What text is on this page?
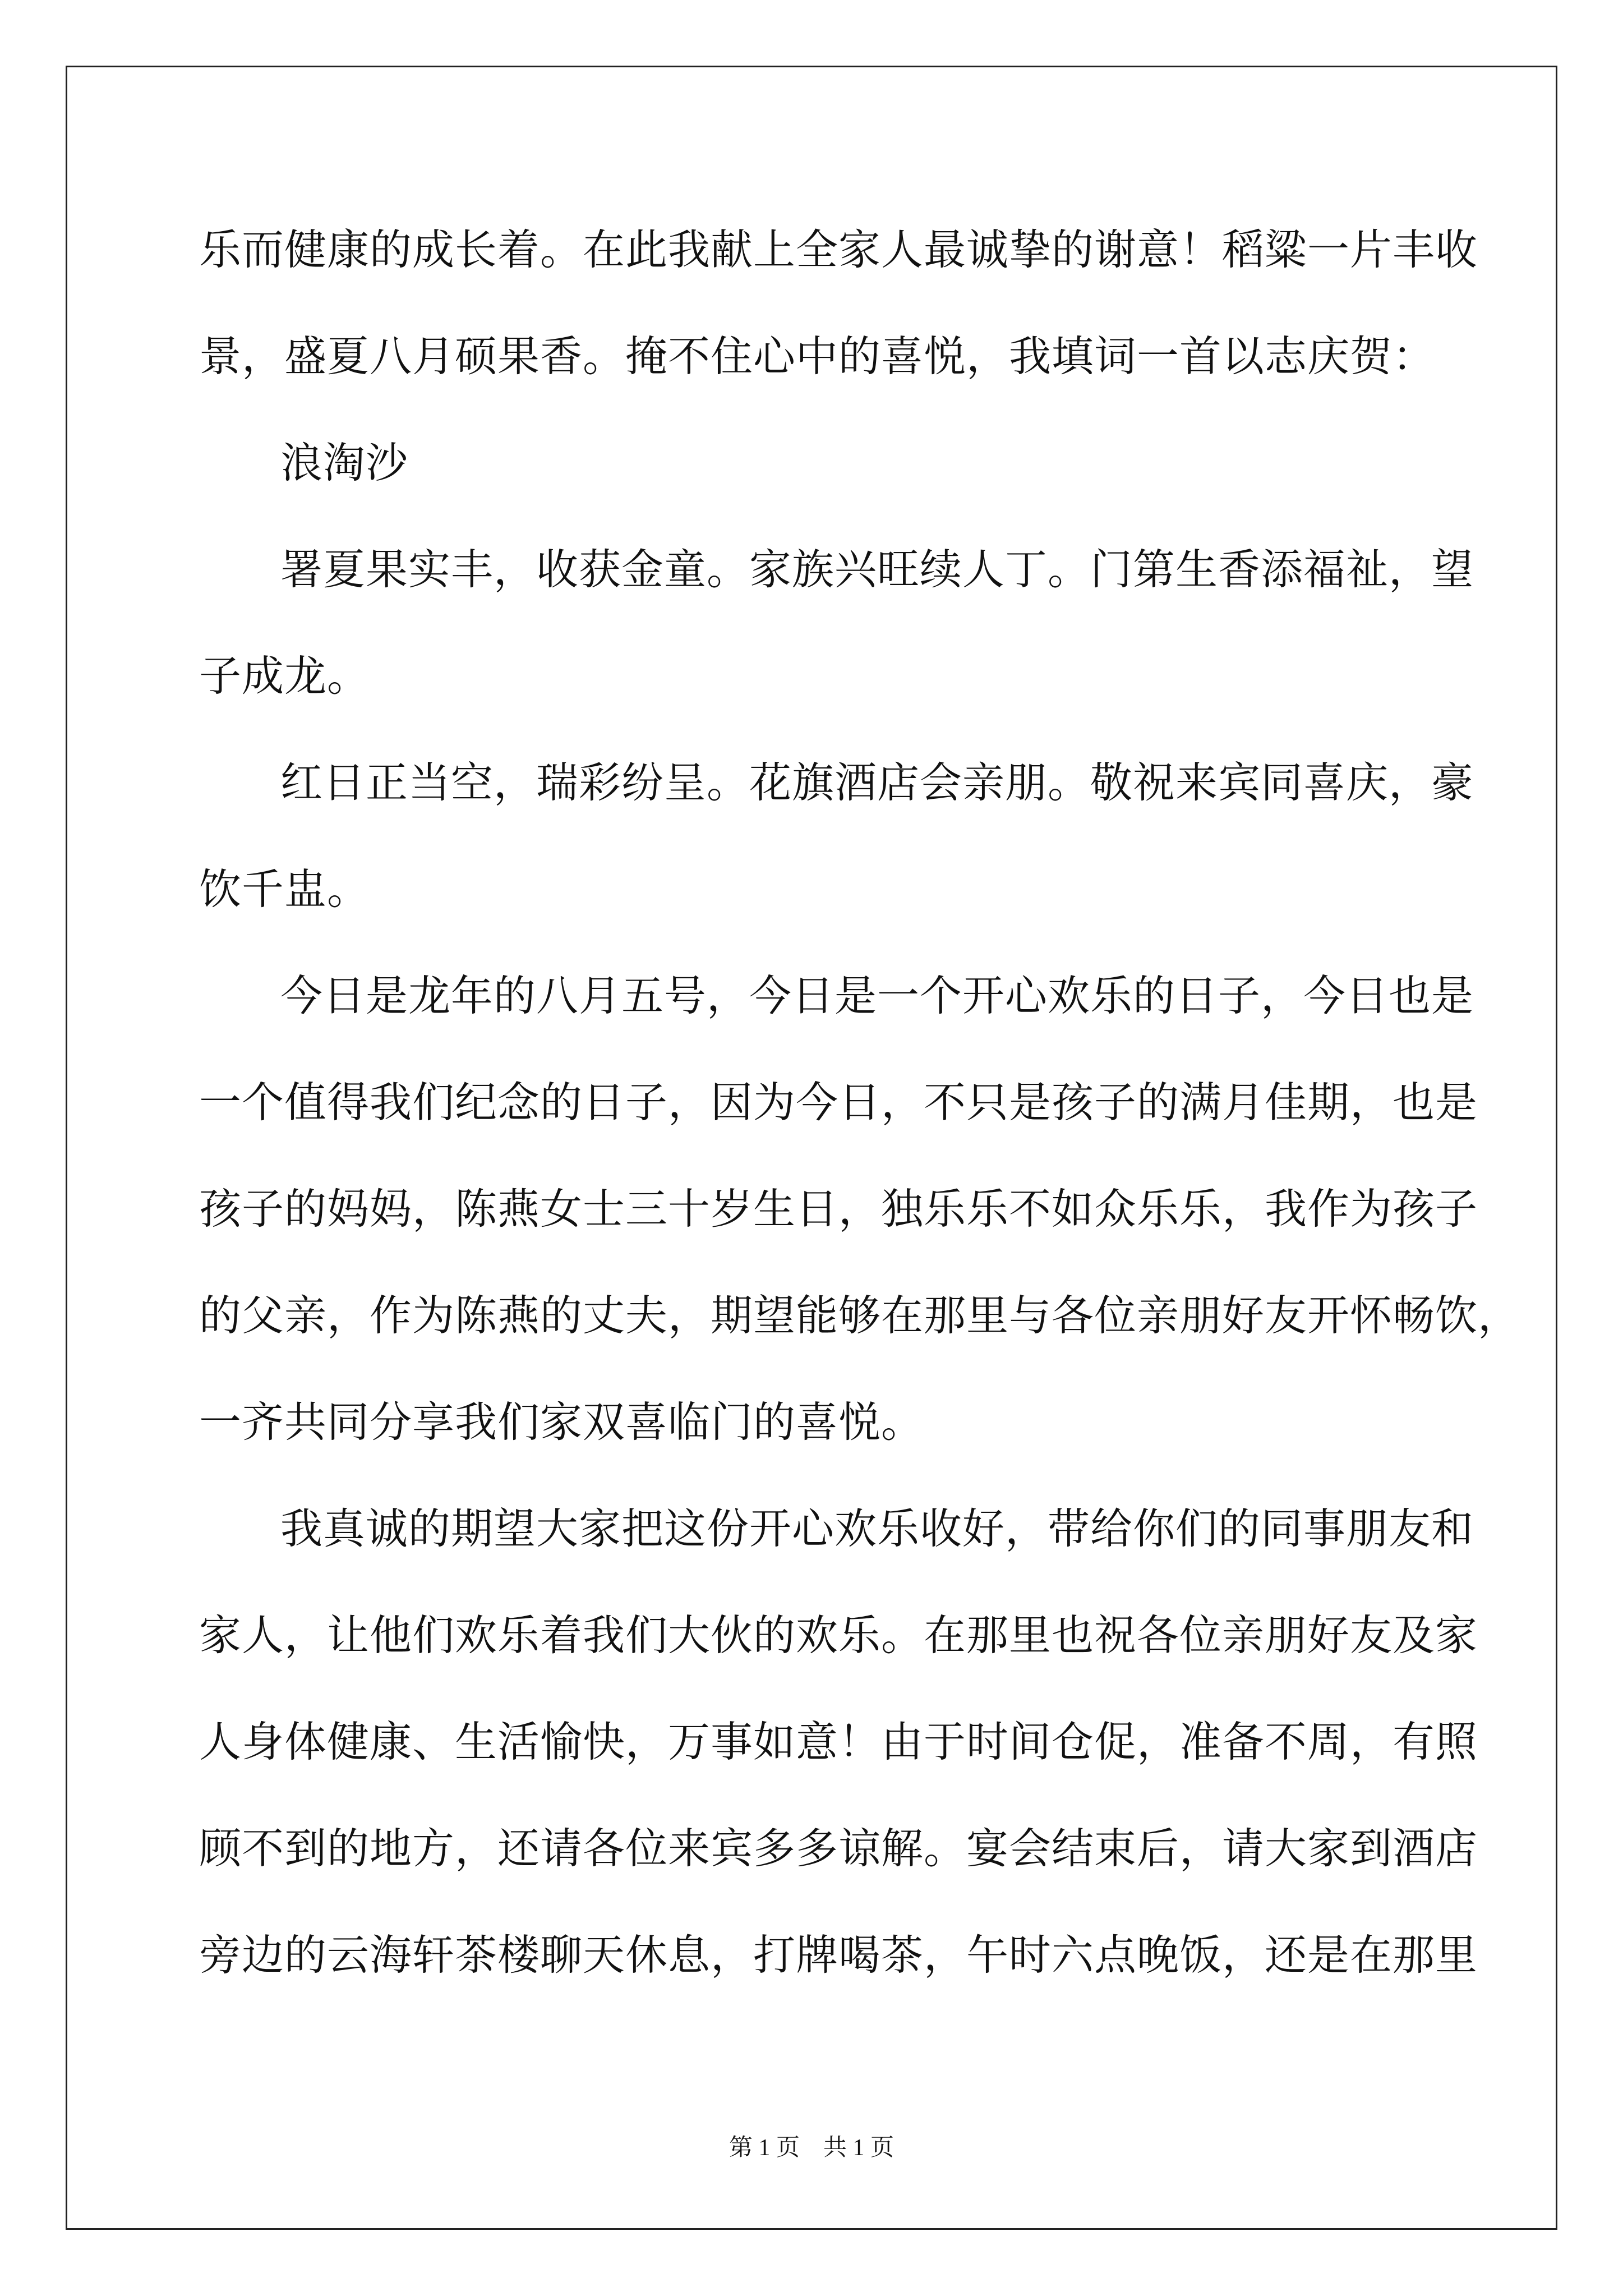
乐而健康的成长着。在此我献上全家人最诚挚的谢意！稻粱一片丰收
景，盛夏八月硕果香。掩不住心中的喜悦，我填词一首以志庆贺：
浪淘沙
署夏果实丰，收获金童。家族兴旺续人丁。门第生香添福祉，望
子成龙。
红日正当空，瑞彩纷呈。花旗酒店会亲朋。敬祝来宾同喜庆，豪
饮千盅。
今日是龙年的八月五号，今日是一个开心欢乐的日子，今日也是
一个值得我们纪念的日子，因为今日，不只是孩子的满月佳期，也是
孩子的妈妈，陈燕女士三十岁生日，独乐乐不如众乐乐，我作为孩子
的父亲，作为陈燕的丈夫，期望能够在那里与各位亲朋好友开怀畅饮，
一齐共同分享我们家双喜临门的喜悦。
我真诚的期望大家把这份开心欢乐收好，带给你们的同事朋友和
家人，让他们欢乐着我们大伙的欢乐。在那里也祝各位亲朋好友及家
人身体健康、生活愉快，万事如意！由于时间仓促，准备不周，有照
顾不到的地方，还请各位来宾多多谅解。宴会结束后，请大家到酒店
旁边的云海轩茶楼聊天休息，打牌喝茶，午时六点晚饭，还是在那里
第 1 页    共 1 页
